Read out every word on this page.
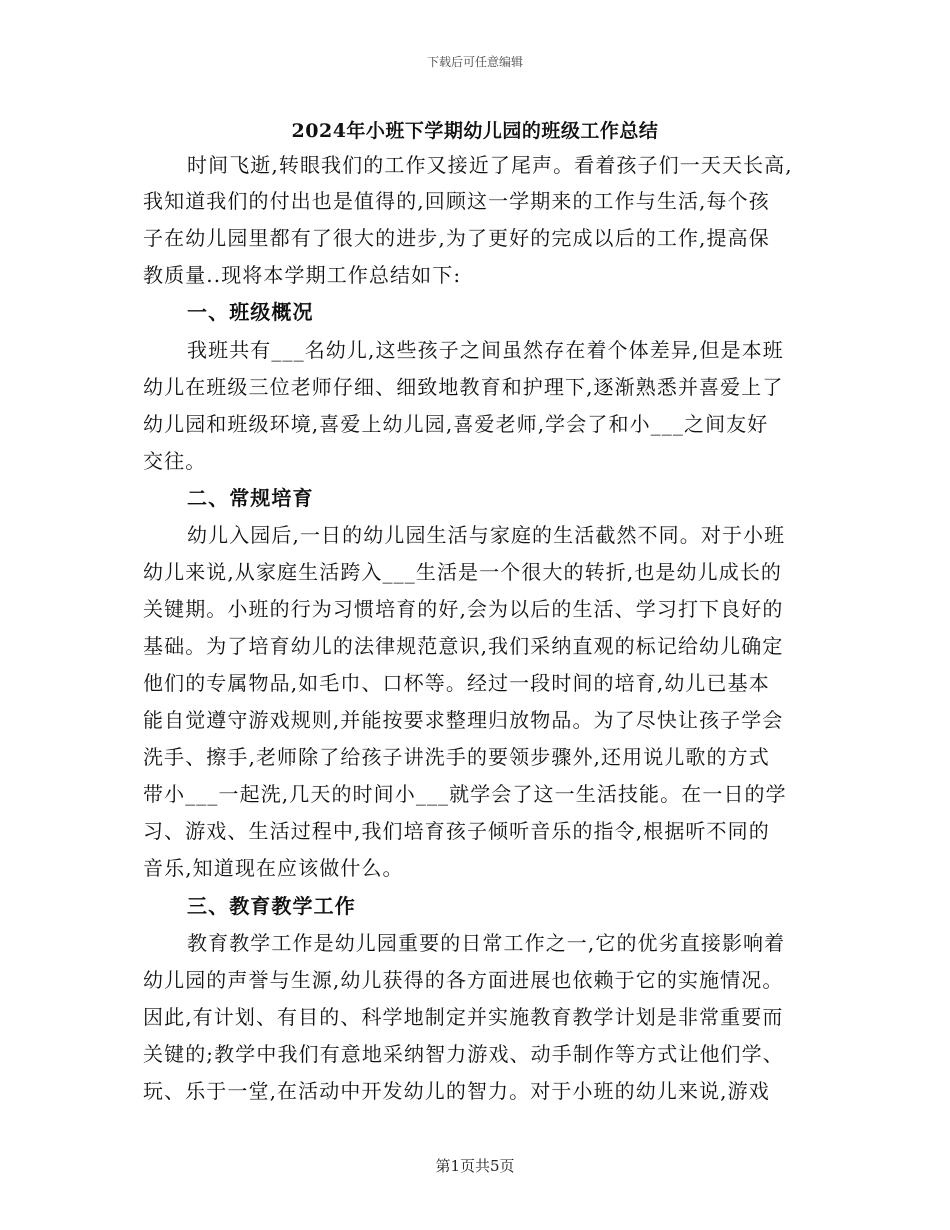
下载后可任意编辑
2024年小班下学期幼儿园的班级工作总结
时间飞逝,转眼我们的工作又接近了尾声。看着孩子们一天天长高,
我知道我们的付出也是值得的,回顾这一学期来的工作与生活,每个孩
子在幼儿园里都有了很大的进步,为了更好的完成以后的工作,提高保
教质量..现将本学期工作总结如下:
一、班级概况
我班共有___名幼儿,这些孩子之间虽然存在着个体差异,但是本班
幼儿在班级三位老师仔细、细致地教育和护理下,逐渐熟悉并喜爱上了
幼儿园和班级环境,喜爱上幼儿园,喜爱老师,学会了和小___之间友好
交往。
二、常规培育
幼儿入园后,一日的幼儿园生活与家庭的生活截然不同。对于小班
幼儿来说,从家庭生活跨入___生活是一个很大的转折,也是幼儿成长的
关键期。小班的行为习惯培育的好,会为以后的生活、学习打下良好的
基础。为了培育幼儿的法律规范意识,我们采纳直观的标记给幼儿确定
他们的专属物品,如毛巾、口杯等。经过一段时间的培育,幼儿已基本
能自觉遵守游戏规则,并能按要求整理归放物品。为了尽快让孩子学会
洗手、擦手,老师除了给孩子讲洗手的要领步骤外,还用说儿歌的方式
带小___一起洗,几天的时间小___就学会了这一生活技能。在一日的学
习、游戏、生活过程中,我们培育孩子倾听音乐的指令,根据听不同的
音乐,知道现在应该做什么。
三、教育教学工作
教育教学工作是幼儿园重要的日常工作之一,它的优劣直接影响着
幼儿园的声誉与生源,幼儿获得的各方面进展也依赖于它的实施情况。
因此,有计划、有目的、科学地制定并实施教育教学计划是非常重要而
关键的;教学中我们有意地采纳智力游戏、动手制作等方式让他们学、
玩、乐于一堂,在活动中开发幼儿的智力。对于小班的幼儿来说,游戏
第1页共5页
